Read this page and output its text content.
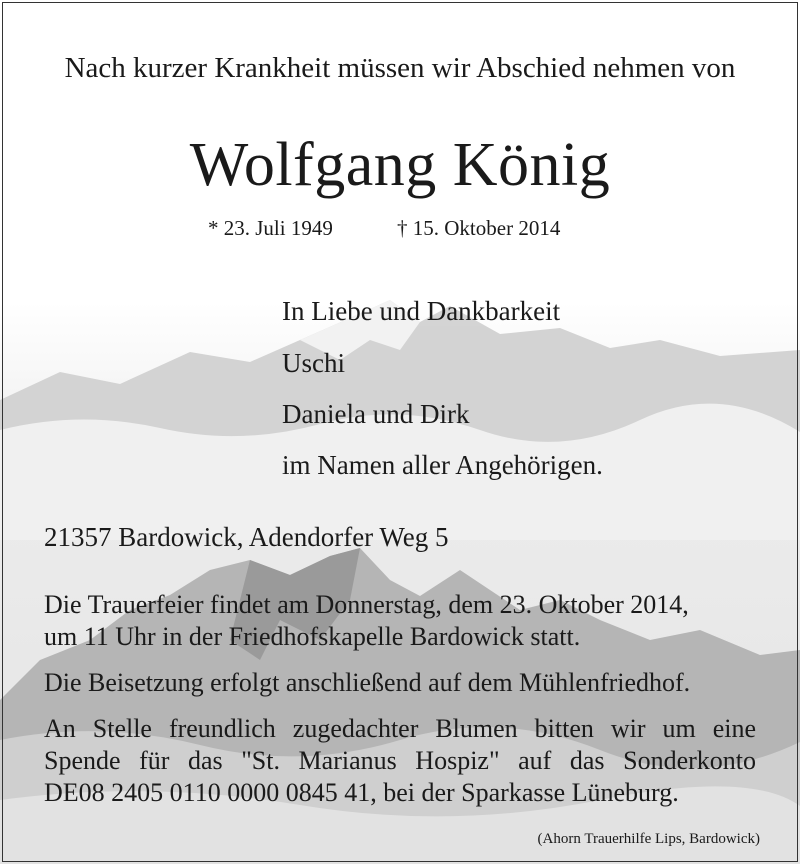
Nach kurzer Krankheit müssen wir Abschied nehmen von
Wolfgang König
* 23. Juli 1949	† 15. Oktober 2014
In Liebe und Dankbarkeit
Uschi
Daniela und Dirk
im Namen aller Angehörigen.
21357 Bardowick, Adendorfer Weg 5
Die Trauerfeier findet am Donnerstag, dem 23. Oktober 2014,
um 11 Uhr in der Friedhofskapelle Bardowick statt.
Die Beisetzung erfolgt anschließend auf dem Mühlenfriedhof.
An Stelle freundlich zugedachter Blumen bitten wir um eine
Spende für das "St. Marianus Hospiz" auf das Sonderkonto
DE08 2405 0110 0000 0845 41, bei der Sparkasse Lüneburg.
(Ahorn Trauerhilfe Lips, Bardowick)
